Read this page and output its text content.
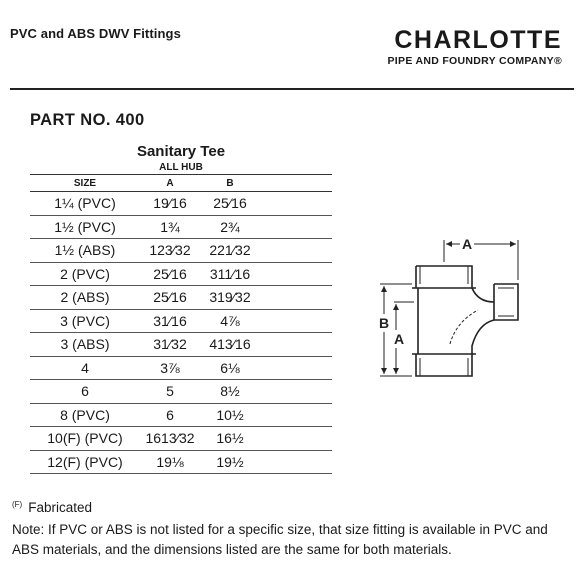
PVC and ABS DWV Fittings	CHARLOTTE
PIPE AND FOUNDRY COMPANY®
PART NO. 400
Sanitary Tee
ALL HUB
SIZE	A	B
1¼ (PVC)	19⁄16	25⁄16
1½ (PVC)	1¾	2¾
1½ (ABS)	123⁄32	221⁄32
2 (PVC)	25⁄16	311⁄16
2 (ABS)	25⁄16	319⁄32
3 (PVC)	31⁄16	4⅞
3 (ABS)	31⁄32	413⁄16
4	3⅞	6⅛
6	5	8½
8 (PVC)	6	10½
10(F) (PVC)	1613⁄32	16½
12(F) (PVC)	19⅛	19½
A
B
A
$^{(F)}$ Fabricated
Note: If PVC or ABS is not listed for a specific size, that size fitting is available in PVC and ABS materials, and the dimensions listed are the same for both materials.
